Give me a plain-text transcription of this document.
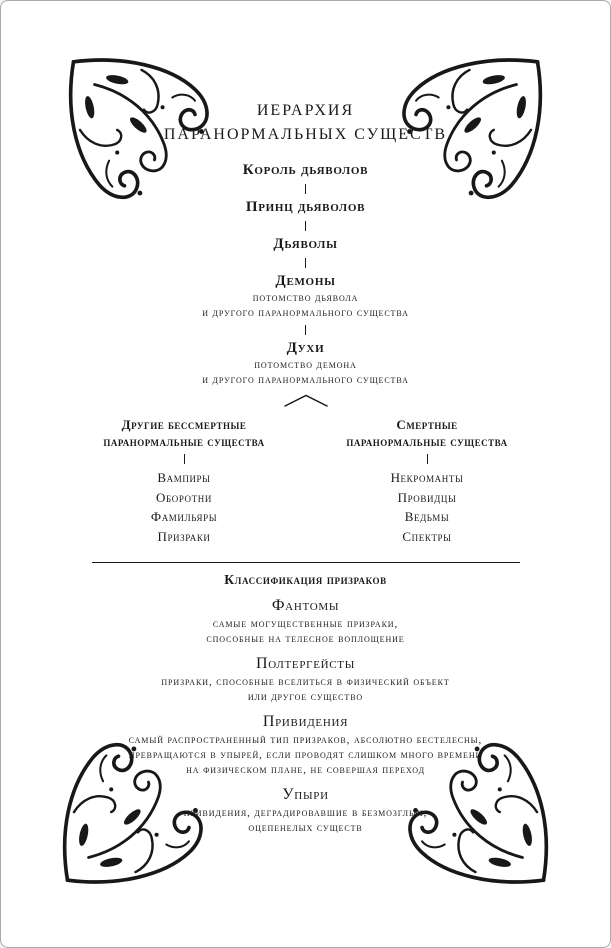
ИЕРАРХИЯ
ПАРАНОРМАЛЬНЫХ СУЩЕСТВ
Король дьяволов
Принц дьяволов
Дьяволы
Демоны
потомство дьявола
и другого паранормального существа
Духи
потомство демона
и другого паранормального существа
Другие бессмертные
паранормальные существа
Вампиры
Оборотни
Фамильяры
Призраки
Смертные
паранормальные существа
Некроманты
Провидцы
Ведьмы
Спектры
Классификация призраков
Фантомы
самые могущественные призраки,
способные на телесное воплощение
Полтергейсты
призраки, способные вселиться в физический объект
или другое существо
Привидения
самый распространенный тип призраков, абсолютно бестелесны,
превращаются в упырей, если проводят слишком много времени
на физическом плане, не совершая переход
Упыри
привидения, деградировавшие в безмозглых,
оцепенелых существ
